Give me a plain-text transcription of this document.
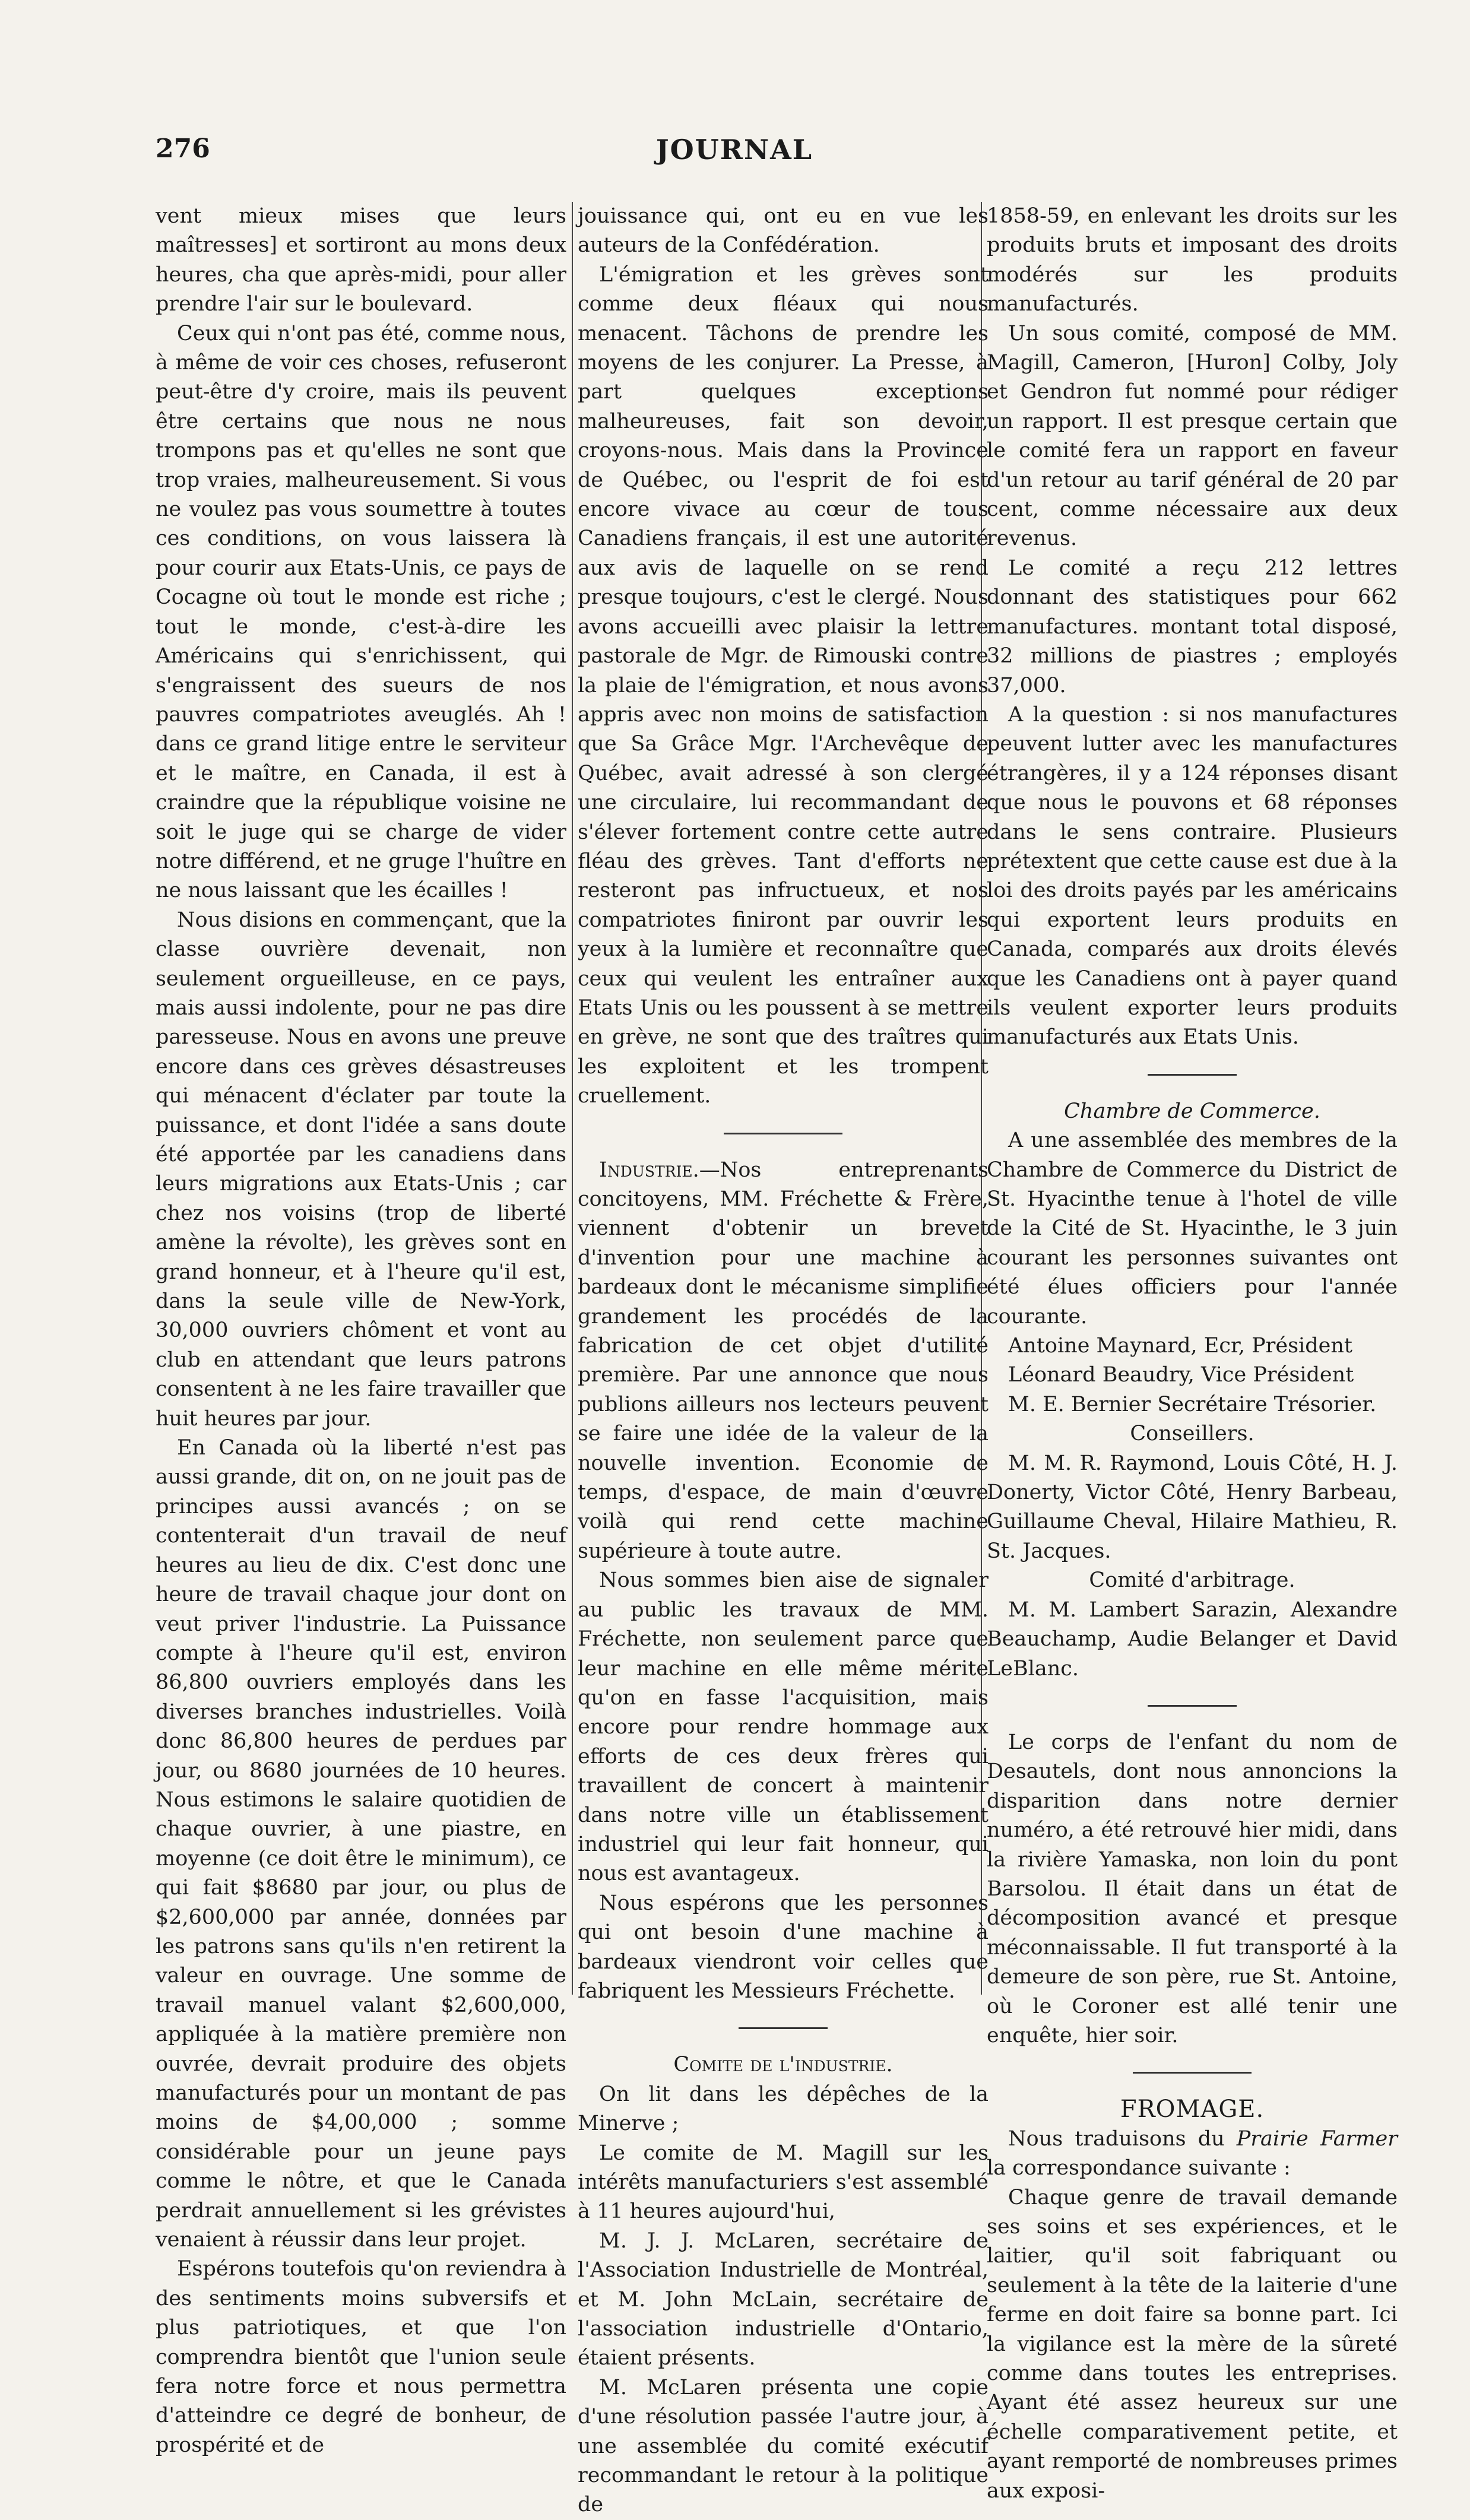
276	JOURNAL

vent mieux mises que leurs maîtresses] et sortiront au mons deux heures, cha que après-midi, pour aller prendre l'air sur le boulevard.

Ceux qui n'ont pas été, comme nous, à même de voir ces choses, refuseront peut-être d'y croire, mais ils peuvent être certains que nous ne nous trompons pas et qu'elles ne sont que trop vraies, malheureusement. Si vous ne voulez pas vous soumettre à toutes ces conditions, on vous laissera là pour courir aux Etats-Unis, ce pays de Cocagne où tout le monde est riche ; tout le monde, c'est-à-dire les Américains qui s'enrichissent, qui s'engraissent des sueurs de nos pauvres compatriotes aveuglés. Ah ! dans ce grand litige entre le serviteur et le maître, en Canada, il est à craindre que la république voisine ne soit le juge qui se charge de vider notre différend, et ne gruge l'huître en ne nous laissant que les écailles !

Nous disions en commençant, que la classe ouvrière devenait, non seulement orgueilleuse, en ce pays, mais aussi indolente, pour ne pas dire paresseuse. Nous en avons une preuve encore dans ces grèves désastreuses qui ménacent d'éclater par toute la puissance, et dont l'idée a sans doute été apportée par les canadiens dans leurs migrations aux Etats-Unis ; car chez nos voisins (trop de liberté amène la révolte), les grèves sont en grand honneur, et à l'heure qu'il est, dans la seule ville de New-York, 30,000 ouvriers chôment et vont au club en attendant que leurs patrons consentent à ne les faire travailler que huit heures par jour.

En Canada où la liberté n'est pas aussi grande, dit on, on ne jouit pas de principes aussi avancés ; on se contenterait d'un travail de neuf heures au lieu de dix. C'est donc une heure de travail chaque jour dont on veut priver l'industrie. La Puissance compte à l'heure qu'il est, environ 86,800 ouvriers employés dans les diverses branches industrielles. Voilà donc 86,800 heures de perdues par jour, ou 8680 journées de 10 heures. Nous estimons le salaire quotidien de chaque ouvrier, à une piastre, en moyenne (ce doit être le minimum), ce qui fait $8680 par jour, ou plus de $2,600,000 par année, données par les patrons sans qu'ils n'en retirent la valeur en ouvrage. Une somme de travail manuel valant $2,600,000, appliquée à la matière première non ouvrée, devrait produire des objets manufacturés pour un montant de pas moins de $4,00,000 ; somme considérable pour un jeune pays comme le nôtre, et que le Canada perdrait annuellement si les grévistes venaient à réussir dans leur projet.

Espérons toutefois qu'on reviendra à des sentiments moins subversifs et plus patriotiques, et que l'on comprendra bientôt que l'union seule fera notre force et nous permettra d'atteindre ce degré de bonheur, de prospérité et de

jouissance qui, ont eu en vue les auteurs de la Confédération.

L'émigration et les grèves sont comme deux fléaux qui nous menacent. Tâchons de prendre les moyens de les conjurer. La Presse, à part quelques exceptions malheureuses, fait son devoir, croyons-nous. Mais dans la Province de Québec, ou l'esprit de foi est encore vivace au cœur de tous Canadiens français, il est une autorité aux avis de laquelle on se rend presque toujours, c'est le clergé. Nous avons accueilli avec plaisir la lettre pastorale de Mgr. de Rimouski contre la plaie de l'émigration, et nous avons appris avec non moins de satisfaction que Sa Grâce Mgr. l'Archevêque de Québec, avait adressé à son clergé une circulaire, lui recommandant de s'élever fortement contre cette autre fléau des grèves. Tant d'efforts ne resteront pas infructueux, et nos compatriotes finiront par ouvrir les yeux à la lumière et reconnaître que ceux qui veulent les entraîner aux Etats Unis ou les poussent à se mettre en grève, ne sont que des traîtres qui les exploitent et les trompent cruellement.

Industrie.—Nos entreprenants concitoyens, MM. Fréchette & Frère, viennent d'obtenir un brevet d'invention pour une machine à bardeaux dont le mécanisme simplifie grandement les procédés de la fabrication de cet objet d'utilité première. Par une annonce que nous publions ailleurs nos lecteurs peuvent se faire une idée de la valeur de la nouvelle invention. Economie de temps, d'espace, de main d'œuvre voilà qui rend cette machine supérieure à toute autre.

Nous sommes bien aise de signaler au public les travaux de MM. Fréchette, non seulement parce que leur machine en elle même mérite qu'on en fasse l'acquisition, mais encore pour rendre hommage aux efforts de ces deux frères qui travaillent de concert à maintenir dans notre ville un établissement industriel qui leur fait honneur, qui nous est avantageux.

Nous espérons que les personnes qui ont besoin d'une machine à bardeaux viendront voir celles que fabriquent les Messieurs Fréchette.

Comite de l'industrie.

On lit dans les dépêches de la Minerve ;

Le comite de M. Magill sur les intérêts manufacturiers s'est assemblé à 11 heures aujourd'hui,

M. J. J. McLaren, secrétaire de l'Association Industrielle de Montréal, et M. John McLain, secrétaire de l'association industrielle d'Ontario, étaient présents.

M. McLaren présenta une copie d'une résolution passée l'autre jour, à une assemblée du comité exécutif recommandant le retour à la politique de

1858-59, en enlevant les droits sur les produits bruts et imposant des droits modérés sur les produits manufacturés.

Un sous comité, composé de MM. Magill, Cameron, [Huron] Colby, Joly et Gendron fut nommé pour rédiger un rapport. Il est presque certain que le comité fera un rapport en faveur d'un retour au tarif général de 20 par cent, comme nécessaire aux deux revenus.

Le comité a reçu 212 lettres donnant des statistiques pour 662 manufactures. montant total disposé, 32 millions de piastres ; employés 37,000.

A la question : si nos manufactures peuvent lutter avec les manufactures étrangères, il y a 124 réponses disant que nous le pouvons et 68 réponses dans le sens contraire. Plusieurs prétextent que cette cause est due à la loi des droits payés par les américains qui exportent leurs produits en Canada, comparés aux droits élevés que les Canadiens ont à payer quand ils veulent exporter leurs produits manufacturés aux Etats Unis.

Chambre de Commerce.

A une assemblée des membres de la Chambre de Commerce du District de St. Hyacinthe tenue à l'hotel de ville de la Cité de St. Hyacinthe, le 3 juin courant les personnes suivantes ont été élues officiers pour l'année courante.

Antoine Maynard, Ecr, Président

Léonard Beaudry, Vice Président

M. E. Bernier Secrétaire Trésorier.

Conseillers.

M. M. R. Raymond, Louis Côté, H. J. Donerty, Victor Côté, Henry Barbeau, Guillaume Cheval, Hilaire Mathieu, R. St. Jacques.

Comité d'arbitrage.

M. M. Lambert Sarazin, Alexandre Beauchamp, Audie Belanger et David LeBlanc.

Le corps de l'enfant du nom de Desautels, dont nous annoncions la disparition dans notre dernier numéro, a été retrouvé hier midi, dans la rivière Yamaska, non loin du pont Barsolou. Il était dans un état de décomposition avancé et presque méconnaissable. Il fut transporté à la demeure de son père, rue St. Antoine, où le Coroner est allé tenir une enquête, hier soir.

FROMAGE.

Nous traduisons du Prairie Farmer la correspondance suivante :

Chaque genre de travail demande ses soins et ses expériences, et le laitier, qu'il soit fabriquant ou seulement à la tête de la laiterie d'une ferme en doit faire sa bonne part. Ici la vigilance est la mère de la sûreté comme dans toutes les entreprises. Ayant été assez heureux sur une échelle comparativement petite, et ayant remporté de nombreuses primes aux exposi-
